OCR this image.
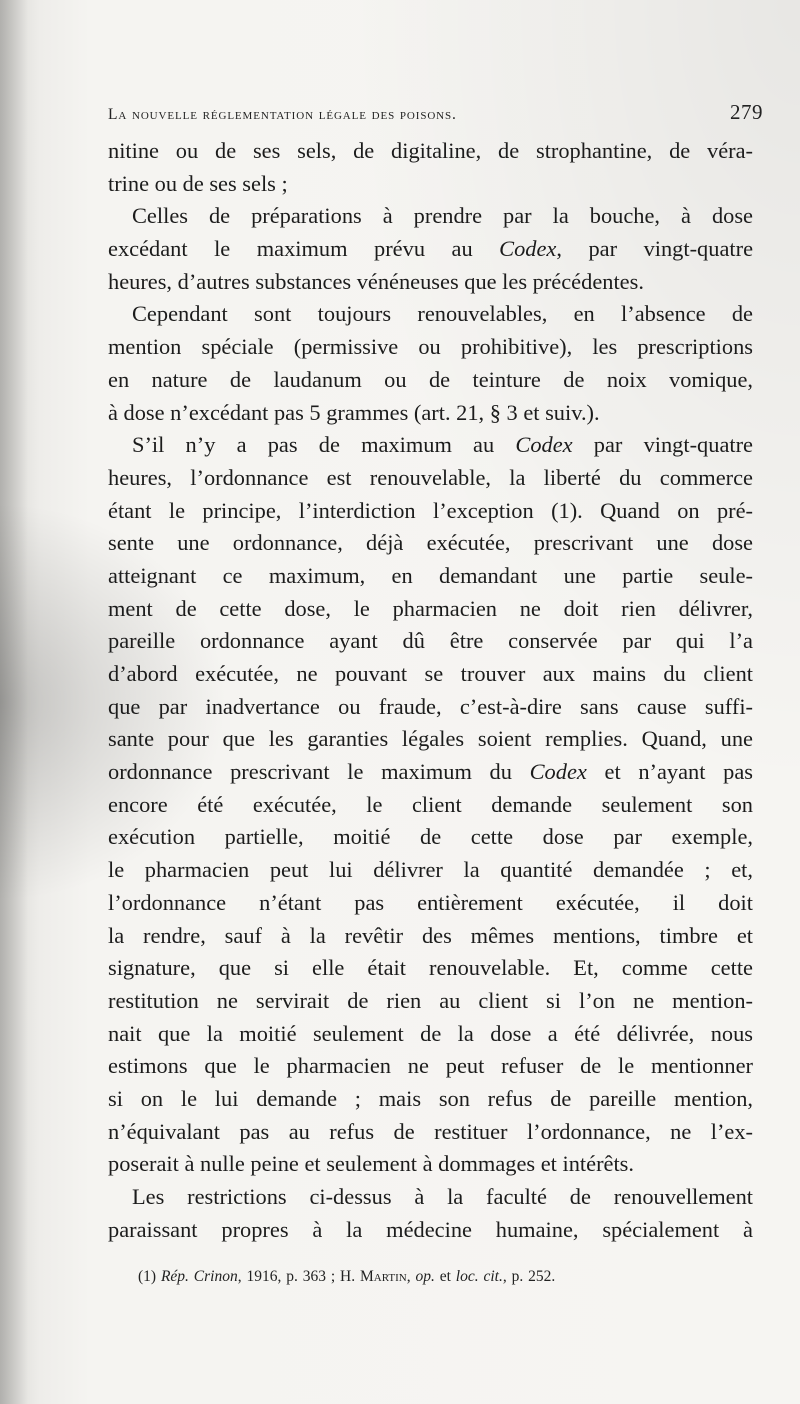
La nouvelle réglementation légale des poisons.	279
nitine ou de ses sels, de digitaline, de strophantine, de véra-
trine ou de ses sels ;
Celles de préparations à prendre par la bouche, à dose
excédant le maximum prévu au Codex, par vingt-quatre
heures, d’autres substances vénéneuses que les précédentes.
Cependant sont toujours renouvelables, en l’absence de
mention spéciale (permissive ou prohibitive), les prescriptions
en nature de laudanum ou de teinture de noix vomique,
à dose n’excédant pas 5 grammes (art. 21, § 3 et suiv.).
S’il n’y a pas de maximum au Codex par vingt-quatre
heures, l’ordonnance est renouvelable, la liberté du commerce
étant le principe, l’interdiction l’exception (1). Quand on pré-
sente une ordonnance, déjà exécutée, prescrivant une dose
atteignant ce maximum, en demandant une partie seule-
ment de cette dose, le pharmacien ne doit rien délivrer,
pareille ordonnance ayant dû être conservée par qui l’a
d’abord exécutée, ne pouvant se trouver aux mains du client
que par inadvertance ou fraude, c’est-à-dire sans cause suffi-
sante pour que les garanties légales soient remplies. Quand, une
ordonnance prescrivant le maximum du Codex et n’ayant pas
encore été exécutée, le client demande seulement son
exécution partielle, moitié de cette dose par exemple,
le pharmacien peut lui délivrer la quantité demandée ; et,
l’ordonnance n’étant pas entièrement exécutée, il doit
la rendre, sauf à la revêtir des mêmes mentions, timbre et
signature, que si elle était renouvelable. Et, comme cette
restitution ne servirait de rien au client si l’on ne mention-
nait que la moitié seulement de la dose a été délivrée, nous
estimons que le pharmacien ne peut refuser de le mentionner
si on le lui demande ; mais son refus de pareille mention,
n’équivalant pas au refus de restituer l’ordonnance, ne l’ex-
poserait à nulle peine et seulement à dommages et intérêts.
Les restrictions ci-dessus à la faculté de renouvellement
paraissant propres à la médecine humaine, spécialement à
(1) Rép. Crinon, 1916, p. 363 ; H. Martin, op. et loc. cit., p. 252.
